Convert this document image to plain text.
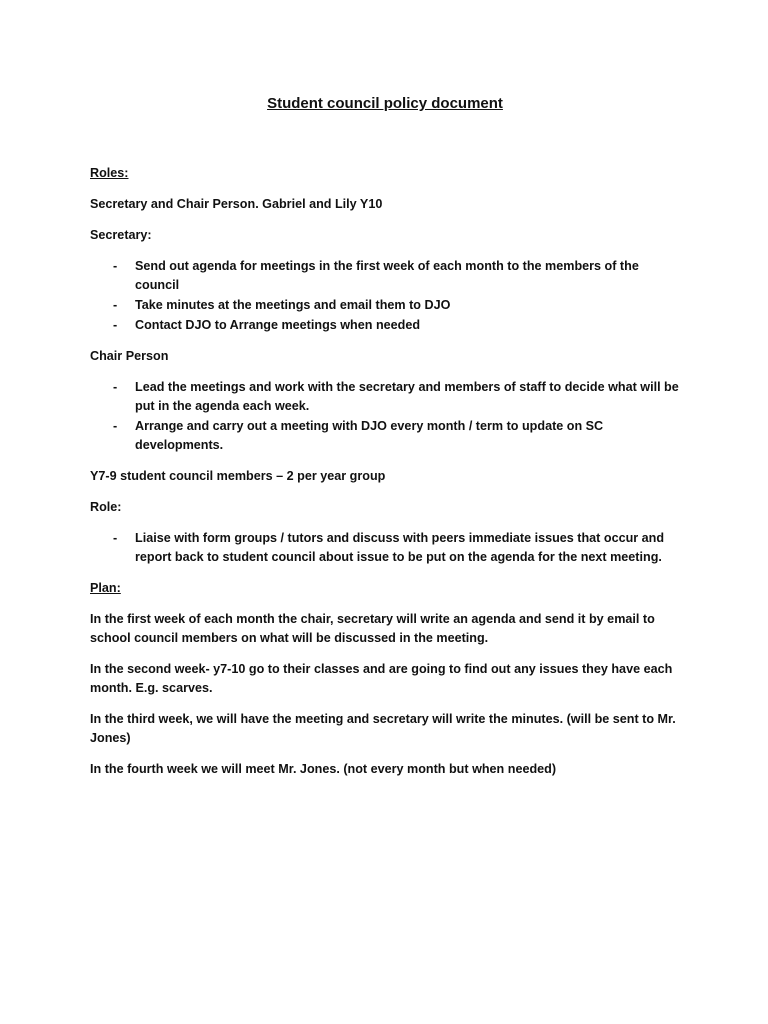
Student council policy document
Roles:

Secretary and Chair Person. Gabriel and Lily Y10

Secretary:
- Send out agenda for meetings in the first week of each month to the members of the council
- Take minutes at the meetings and email them to DJO
- Contact DJO to Arrange meetings when needed
Chair Person
- Lead the meetings and work with the secretary and members of staff to decide what will be put in the agenda each week.
- Arrange and carry out a meeting with DJO every month / term to update on SC developments.

Y7-9 student council members – 2 per year group

Role:
- Liaise with form groups / tutors and discuss with peers immediate issues that occur and report back to student council about issue to be put on the agenda for the next meeting.
Plan:

In the first week of each month the chair, secretary will write an agenda and send it by email to school council members on what will be discussed in the meeting.

In the second week- y7-10 go to their classes and are going to find out any issues they have each month. E.g. scarves.

In the third week, we will have the meeting and secretary will write the minutes. (will be sent to Mr. Jones)

In the fourth week we will meet Mr. Jones. (not every month but when needed)
